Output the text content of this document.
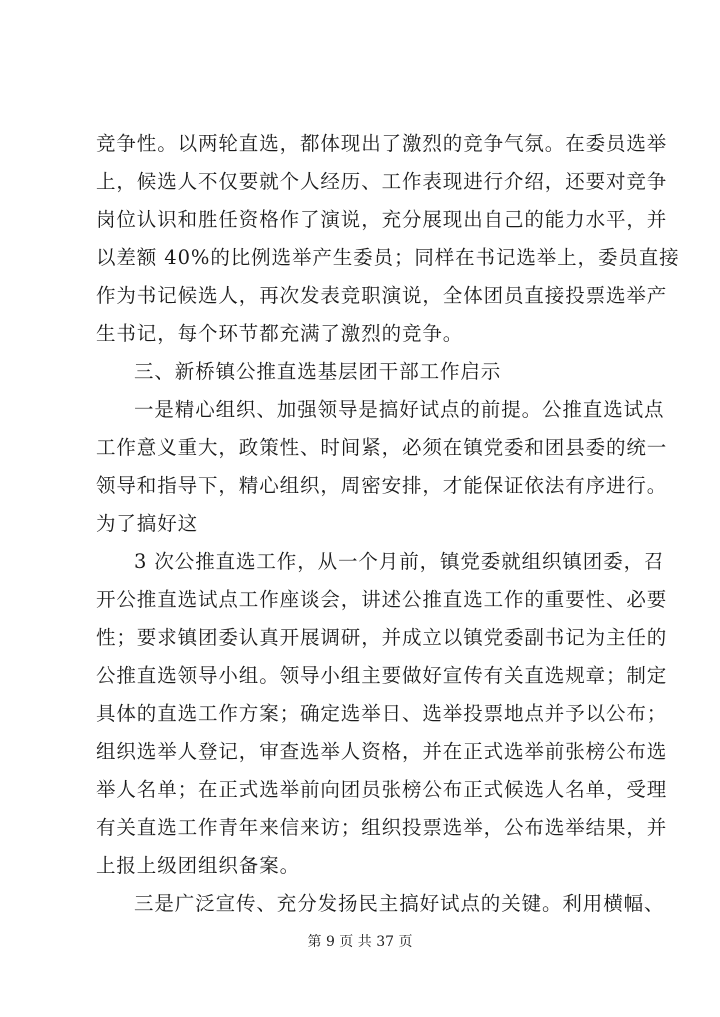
竞争性。以两轮直选，都体现出了激烈的竞争气氛。在委员选举
上，候选人不仅要就个人经历、工作表现进行介绍，还要对竞争
岗位认识和胜任资格作了演说，充分展现出自己的能力水平，并
以差额 40%的比例选举产生委员；同样在书记选举上，委员直接
作为书记候选人，再次发表竞职演说，全体团员直接投票选举产
生书记，每个环节都充满了激烈的竞争。
三、新桥镇公推直选基层团干部工作启示
一是精心组织、加强领导是搞好试点的前提。公推直选试点
工作意义重大，政策性、时间紧，必须在镇党委和团县委的统一
领导和指导下，精心组织，周密安排，才能保证依法有序进行。
为了搞好这
3 次公推直选工作，从一个月前，镇党委就组织镇团委，召
开公推直选试点工作座谈会，讲述公推直选工作的重要性、必要
性；要求镇团委认真开展调研，并成立以镇党委副书记为主任的
公推直选领导小组。领导小组主要做好宣传有关直选规章；制定
具体的直选工作方案；确定选举日、选举投票地点并予以公布；
组织选举人登记，审查选举人资格，并在正式选举前张榜公布选
举人名单；在正式选举前向团员张榜公布正式候选人名单，受理
有关直选工作青年来信来访；组织投票选举，公布选举结果，并
上报上级团组织备案。
三是广泛宣传、充分发扬民主搞好试点的关键。利用横幅、
第 9 页 共 37 页
